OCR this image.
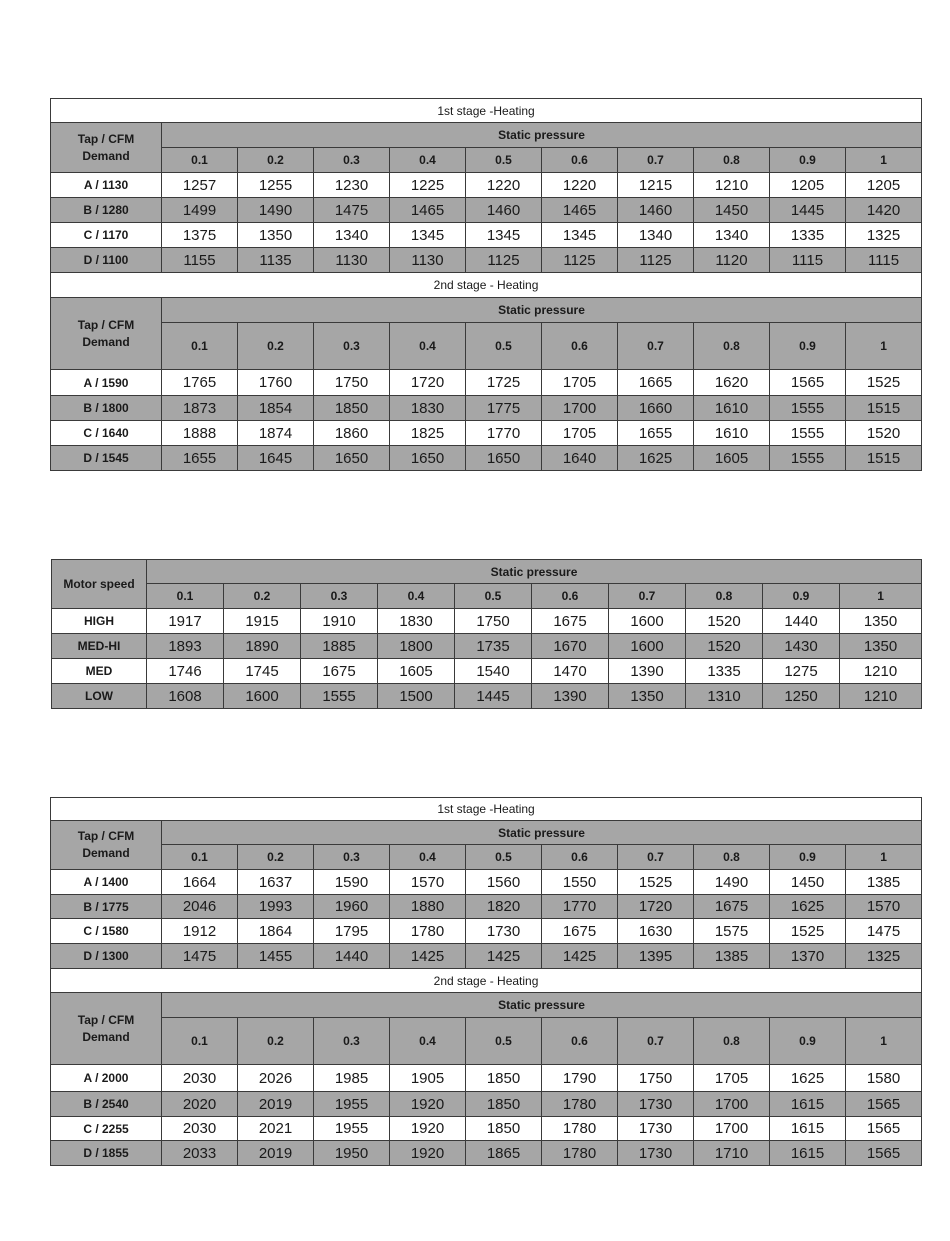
1st stage -Heating										
Tap / CFM
Demand	Static pressure									
	0.1	0.2	0.3	0.4	0.5	0.6	0.7	0.8	0.9	1
A / 1130	1257	1255	1230	1225	1220	1220	1215	1210	1205	1205
B / 1280	1499	1490	1475	1465	1460	1465	1460	1450	1445	1420
C / 1170	1375	1350	1340	1345	1345	1345	1340	1340	1335	1325
D / 1100	1155	1135	1130	1130	1125	1125	1125	1120	1115	1115
2nd stage - Heating										
Tap / CFM
Demand	Static pressure									
	0.1	0.2	0.3	0.4	0.5	0.6	0.7	0.8	0.9	1
A / 1590	1765	1760	1750	1720	1725	1705	1665	1620	1565	1525
B / 1800	1873	1854	1850	1830	1775	1700	1660	1610	1555	1515
C / 1640	1888	1874	1860	1825	1770	1705	1655	1610	1555	1520
D / 1545	1655	1645	1650	1650	1650	1640	1625	1605	1555	1515
Motor speed	Static pressure									
	0.1	0.2	0.3	0.4	0.5	0.6	0.7	0.8	0.9	1
HIGH	1917	1915	1910	1830	1750	1675	1600	1520	1440	1350
MED-HI	1893	1890	1885	1800	1735	1670	1600	1520	1430	1350
MED	1746	1745	1675	1605	1540	1470	1390	1335	1275	1210
LOW	1608	1600	1555	1500	1445	1390	1350	1310	1250	1210
1st stage -Heating										
Tap / CFM
Demand	Static pressure									
	0.1	0.2	0.3	0.4	0.5	0.6	0.7	0.8	0.9	1
A / 1400	1664	1637	1590	1570	1560	1550	1525	1490	1450	1385
B / 1775	2046	1993	1960	1880	1820	1770	1720	1675	1625	1570
C / 1580	1912	1864	1795	1780	1730	1675	1630	1575	1525	1475
D / 1300	1475	1455	1440	1425	1425	1425	1395	1385	1370	1325
2nd stage - Heating										
Tap / CFM
Demand	Static pressure									
	0.1	0.2	0.3	0.4	0.5	0.6	0.7	0.8	0.9	1
A / 2000	2030	2026	1985	1905	1850	1790	1750	1705	1625	1580
B / 2540	2020	2019	1955	1920	1850	1780	1730	1700	1615	1565
C / 2255	2030	2021	1955	1920	1850	1780	1730	1700	1615	1565
D / 1855	2033	2019	1950	1920	1865	1780	1730	1710	1615	1565
